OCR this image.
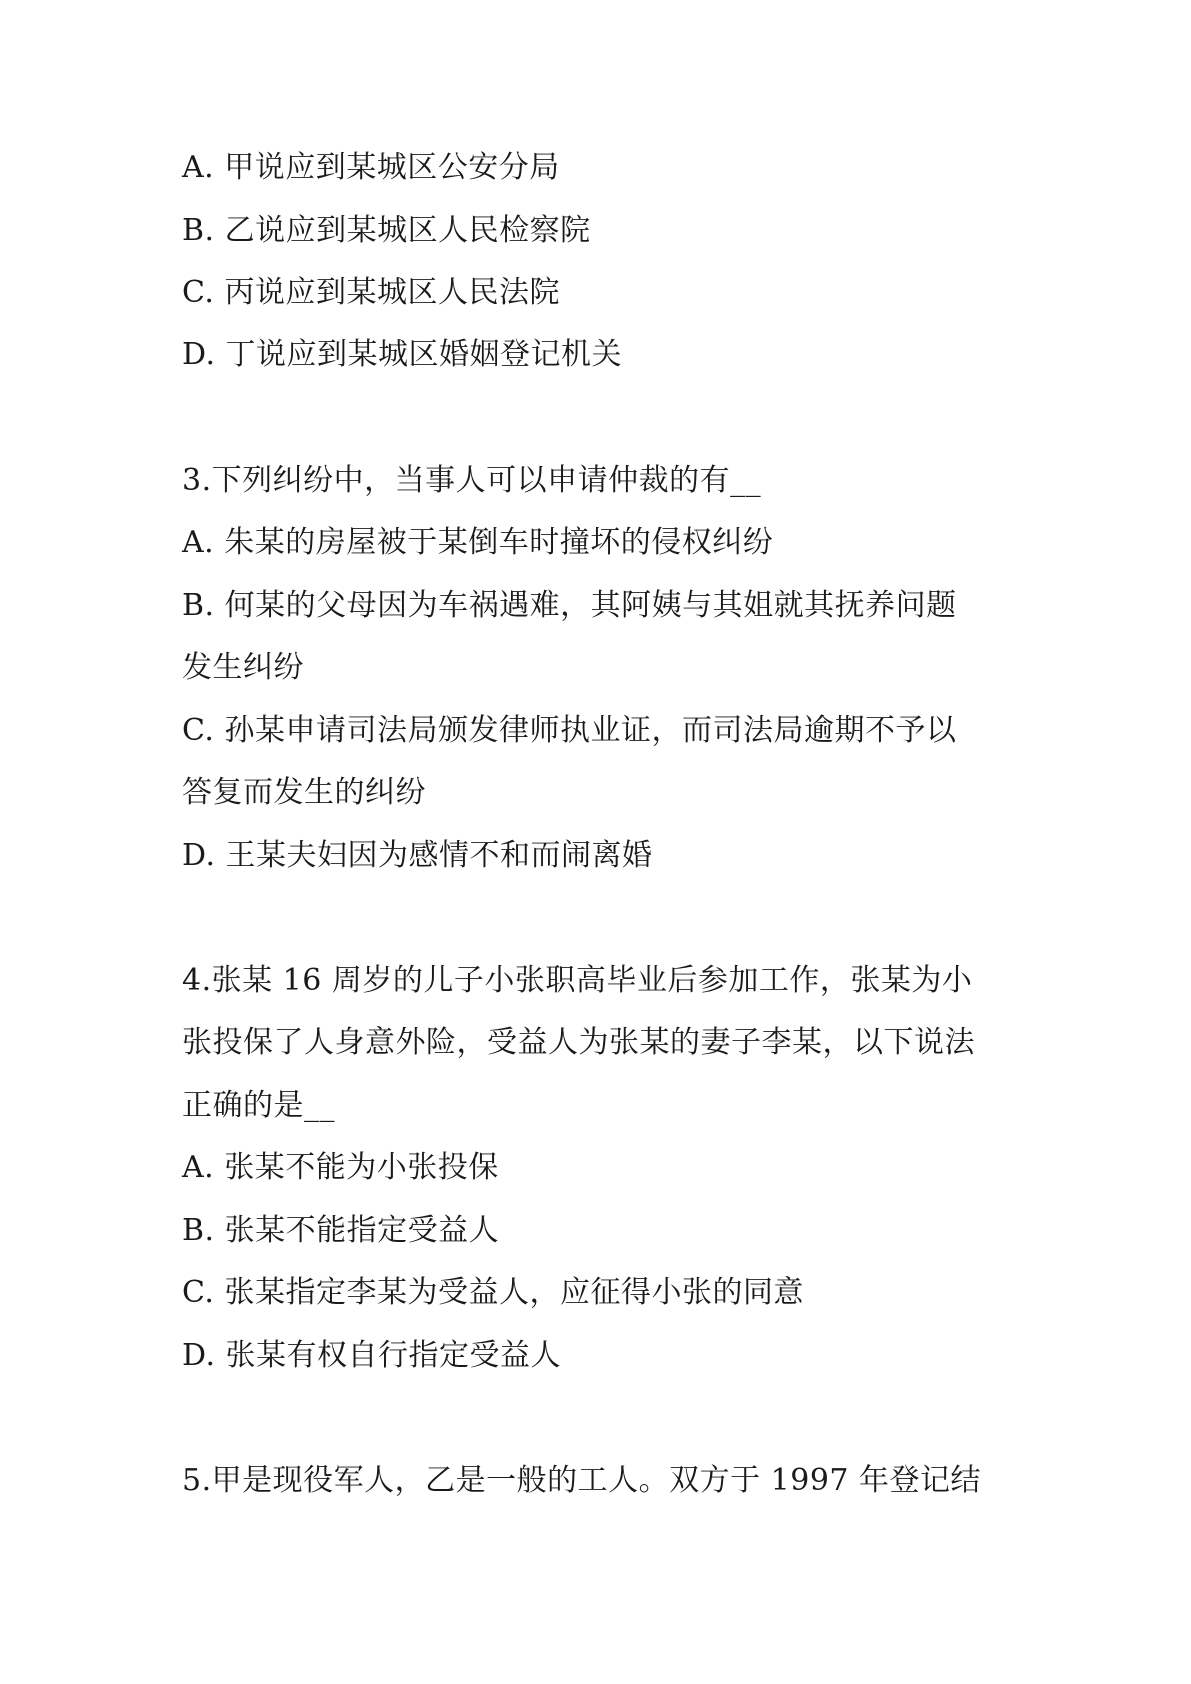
A. 甲说应到某城区公安分局
B. 乙说应到某城区人民检察院
C. 丙说应到某城区人民法院
D. 丁说应到某城区婚姻登记机关
3.下列纠纷中，当事人可以申请仲裁的有__
A. 朱某的房屋被于某倒车时撞坏的侵权纠纷
B. 何某的父母因为车祸遇难，其阿姨与其姐就其抚养问题
发生纠纷
C. 孙某申请司法局颁发律师执业证，而司法局逾期不予以
答复而发生的纠纷
D. 王某夫妇因为感情不和而闹离婚
4.张某 16 周岁的儿子小张职高毕业后参加工作，张某为小
张投保了人身意外险，受益人为张某的妻子李某，以下说法
正确的是__
A. 张某不能为小张投保
B. 张某不能指定受益人
C. 张某指定李某为受益人，应征得小张的同意
D. 张某有权自行指定受益人
5.甲是现役军人，乙是一般的工人。双方于 1997 年登记结
